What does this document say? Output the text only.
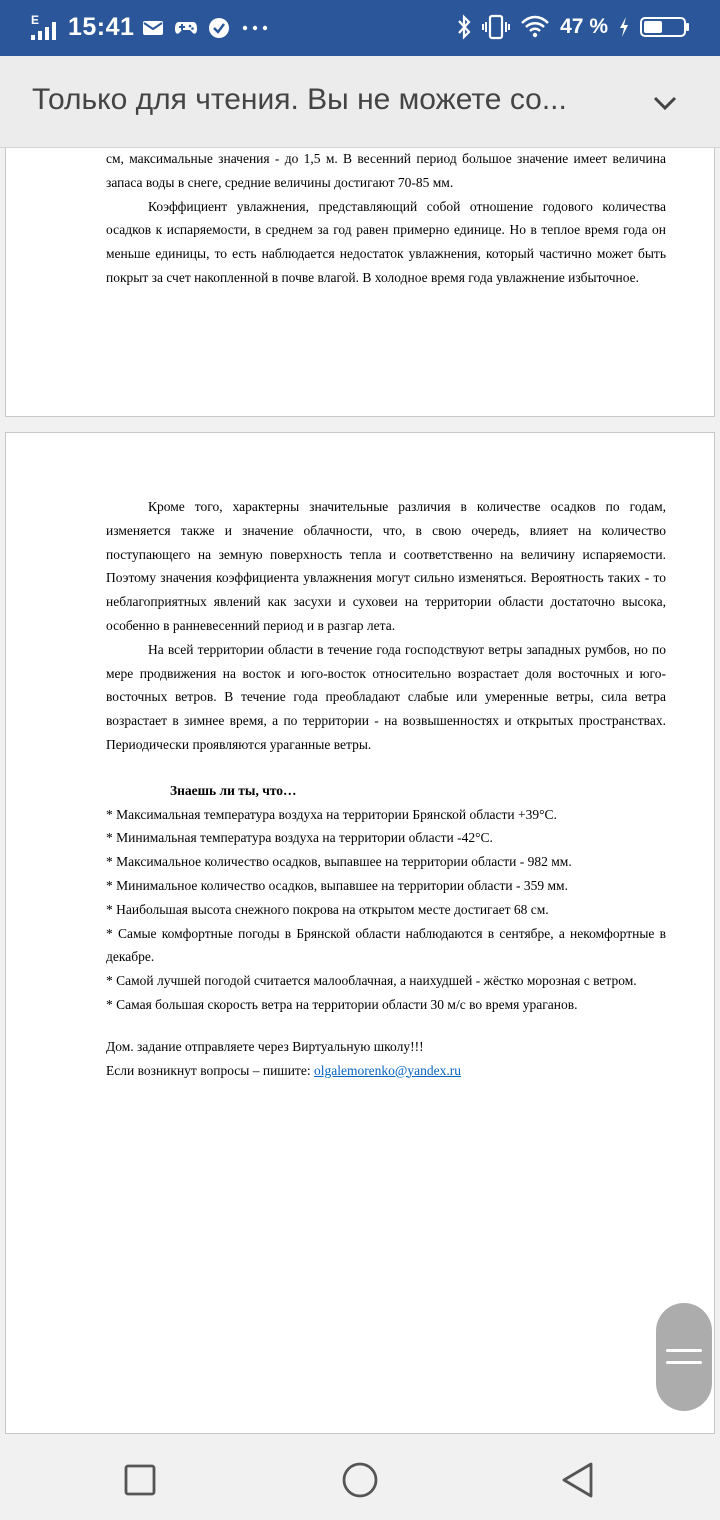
E 15:41	47 %
Только для чтения. Вы не можете со...

см, максимальные значения - до 1,5 м. В весенний период большое значение имеет величина запаса воды в снеге, средние величины достигают 70-85 мм.

Коэффициент увлажнения, представляющий собой отношение годового количества осадков к испаряемости, в среднем за год равен примерно единице. Но в теплое время года он меньше единицы, то есть наблюдается недостаток увлажнения, который частично может быть покрыт за счет накопленной в почве влагой. В холодное время года увлажнение избыточное.

Кроме того, характерны значительные различия в количестве осадков по годам, изменяется также и значение облачности, что, в свою очередь, влияет на количество поступающего на земную поверхность тепла и соответственно на величину испаряемости. Поэтому значения коэффициента увлажнения могут сильно изменяться. Вероятность таких - то неблагоприятных явлений как засухи и суховеи на территории области достаточно высока, особенно в ранневесенний период и в разгар лета.

На всей территории области в течение года господствуют ветры западных румбов, но по мере продвижения на восток и юго-восток относительно возрастает доля восточных и юго-восточных ветров. В течение года преобладают слабые или умеренные ветры, сила ветра возрастает в зимнее время, а по территории - на возвышенностях и открытых пространствах. Периодически проявляются ураганные ветры.

Знаешь ли ты, что…

* Максимальная температура воздуха на территории Брянской области +39°С.

* Минимальная температура воздуха на территории области -42°С.

* Максимальное количество осадков, выпавшее на территории области - 982 мм.

* Минимальное количество осадков, выпавшее на территории области - 359 мм.

* Наибольшая высота снежного покрова на открытом месте достигает 68 см.

* Самые комфортные погоды в Брянской области наблюдаются в сентябре, а некомфортные в декабре.

* Самой лучшей погодой считается малооблачная, а наихудшей - жёстко морозная с ветром.

* Самая большая скорость ветра на территории области 30 м/с во время ураганов.

Дом. задание отправляете через Виртуальную школу!!!

Если возникнут вопросы – пишите: olgalemorenko@yandex.ru
